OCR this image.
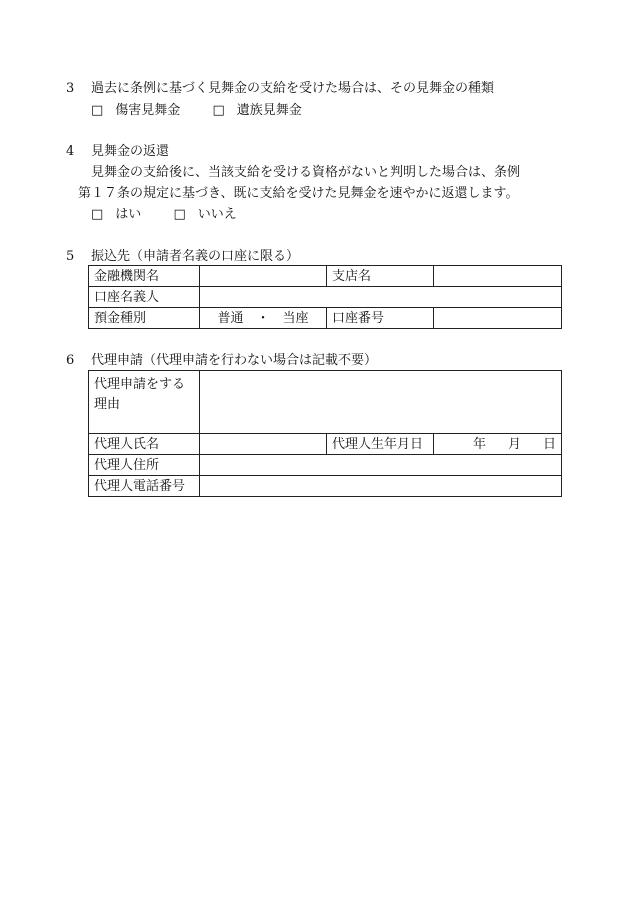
3 過去に条例に基づく見舞金の支給を受けた場合は、その見舞金の種類
□ 傷害見舞金 □ 遺族見舞金
4 見舞金の返還
見舞金の支給後に、当該支給を受ける資格がないと判明した場合は、条例
第１７条の規定に基づき、既に支給を受けた見舞金を速やかに返還します。
□ はい □ いいえ
5 振込先（申請者名義の口座に限る）
金融機関名		支店名	
口座名義人			
預金種別	普通　・　当座	口座番号	
6 代理申請（代理申請を行わない場合は記載不要）
代理申請をする
理由			
代理人氏名		代理人生年月日	年 月 日
代理人住所			
代理人電話番号			
